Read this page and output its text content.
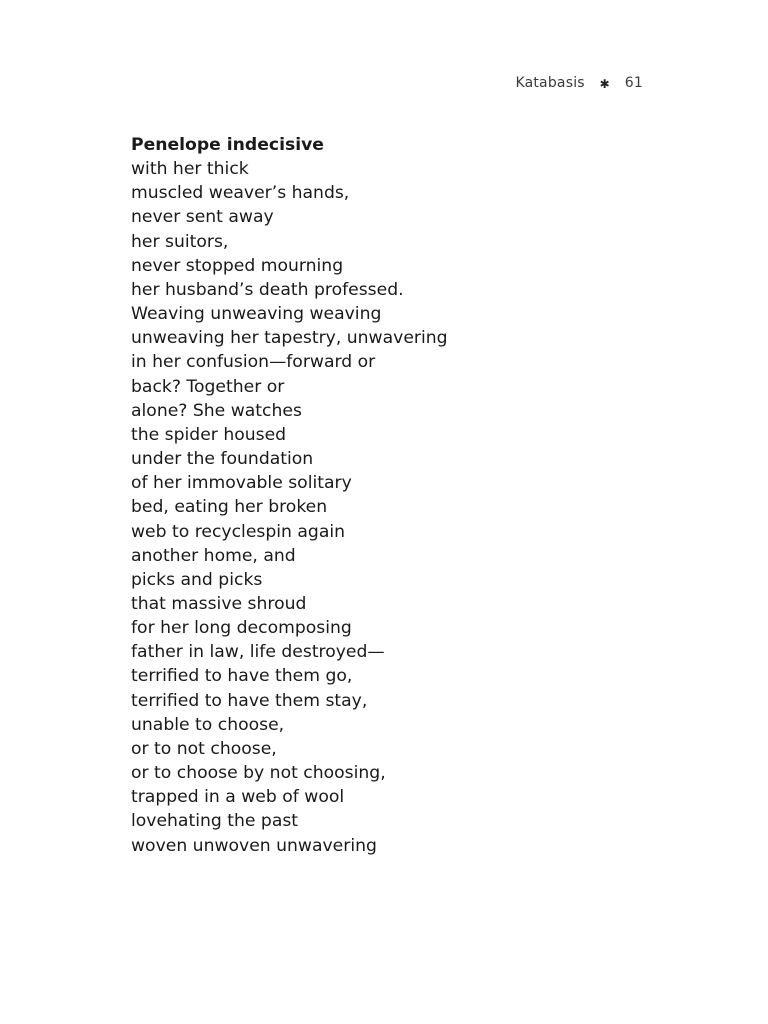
Katabasis	✱	61
Penelope indecisive
with her thick
muscled weaver’s hands,
never sent away
her suitors,
never stopped mourning
her husband’s death professed.
Weaving unweaving weaving
unweaving her tapestry, unwavering
in her confusion—forward or
back? Together or
alone? She watches
the spider housed
under the foundation
of her immovable solitary
bed, eating her broken
web to recyclespin again
another home, and
picks and picks
that massive shroud
for her long decomposing
father in law, life destroyed—
terrified to have them go,
terrified to have them stay,
unable to choose,
or to not choose,
or to choose by not choosing,
trapped in a web of wool
lovehating the past
woven unwoven unwavering
